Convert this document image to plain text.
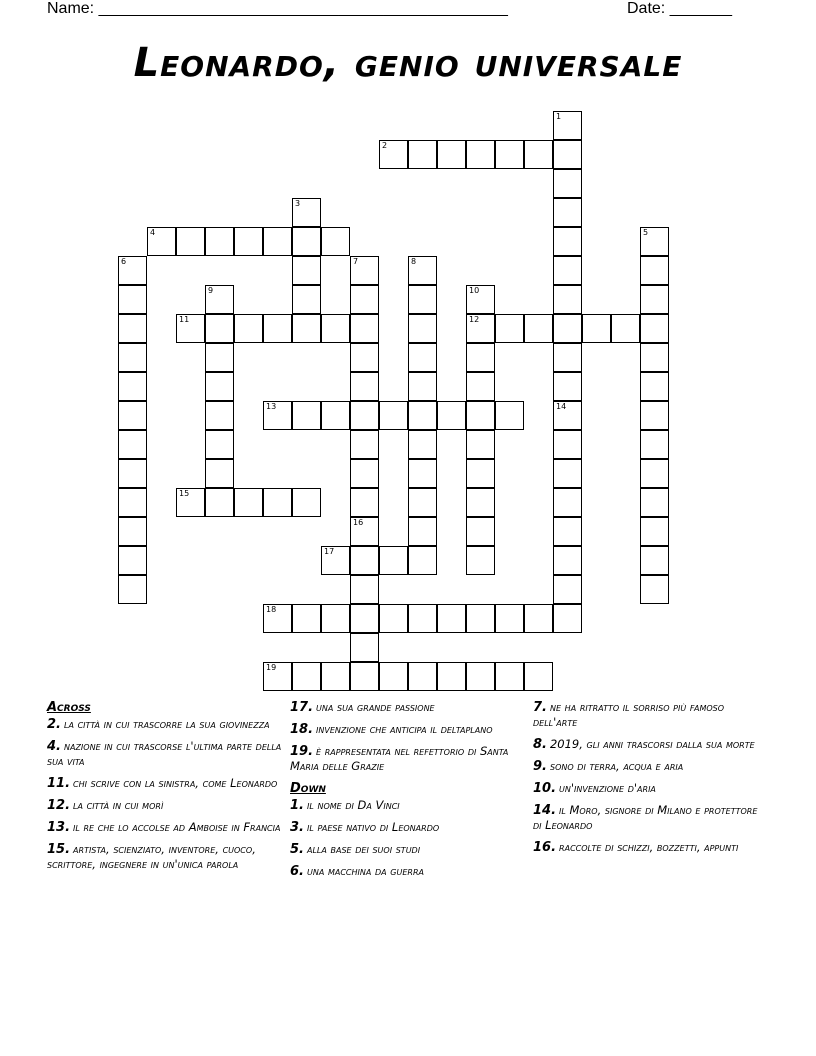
Name: ______________________________________________	Date: _______
Leonardo, genio universale
1
14
2
3
4	5
6	7	8
9	10
12
11
13
15
16
17
18
19
Across
2. la città in cui trascorre la sua giovinezza
4. nazione in cui trascorse l'ultima parte della sua vita
11. chi scrive con la sinistra, come Leonardo
12. la città in cui morì
13. il re che lo accolse ad Amboise in Francia
15. artista, scienziato, inventore, cuoco, scrittore, ingegnere in un'unica parola
17. una sua grande passione
18. invenzione che anticipa il deltaplano
19. è rappresentata nel refettorio di Santa Maria delle Grazie
Down
1. il nome di Da Vinci
3. il paese nativo di Leonardo
5. alla base dei suoi studi
6. una macchina da guerra
7. ne ha ritratto il sorriso più famoso dell'arte
8. 2019, gli anni trascorsi dalla sua morte
9. sono di terra, acqua e aria
10. un'invenzione d'aria
14. il Moro, signore di Milano e protettore di Leonardo
16. raccolte di schizzi, bozzetti, appunti
